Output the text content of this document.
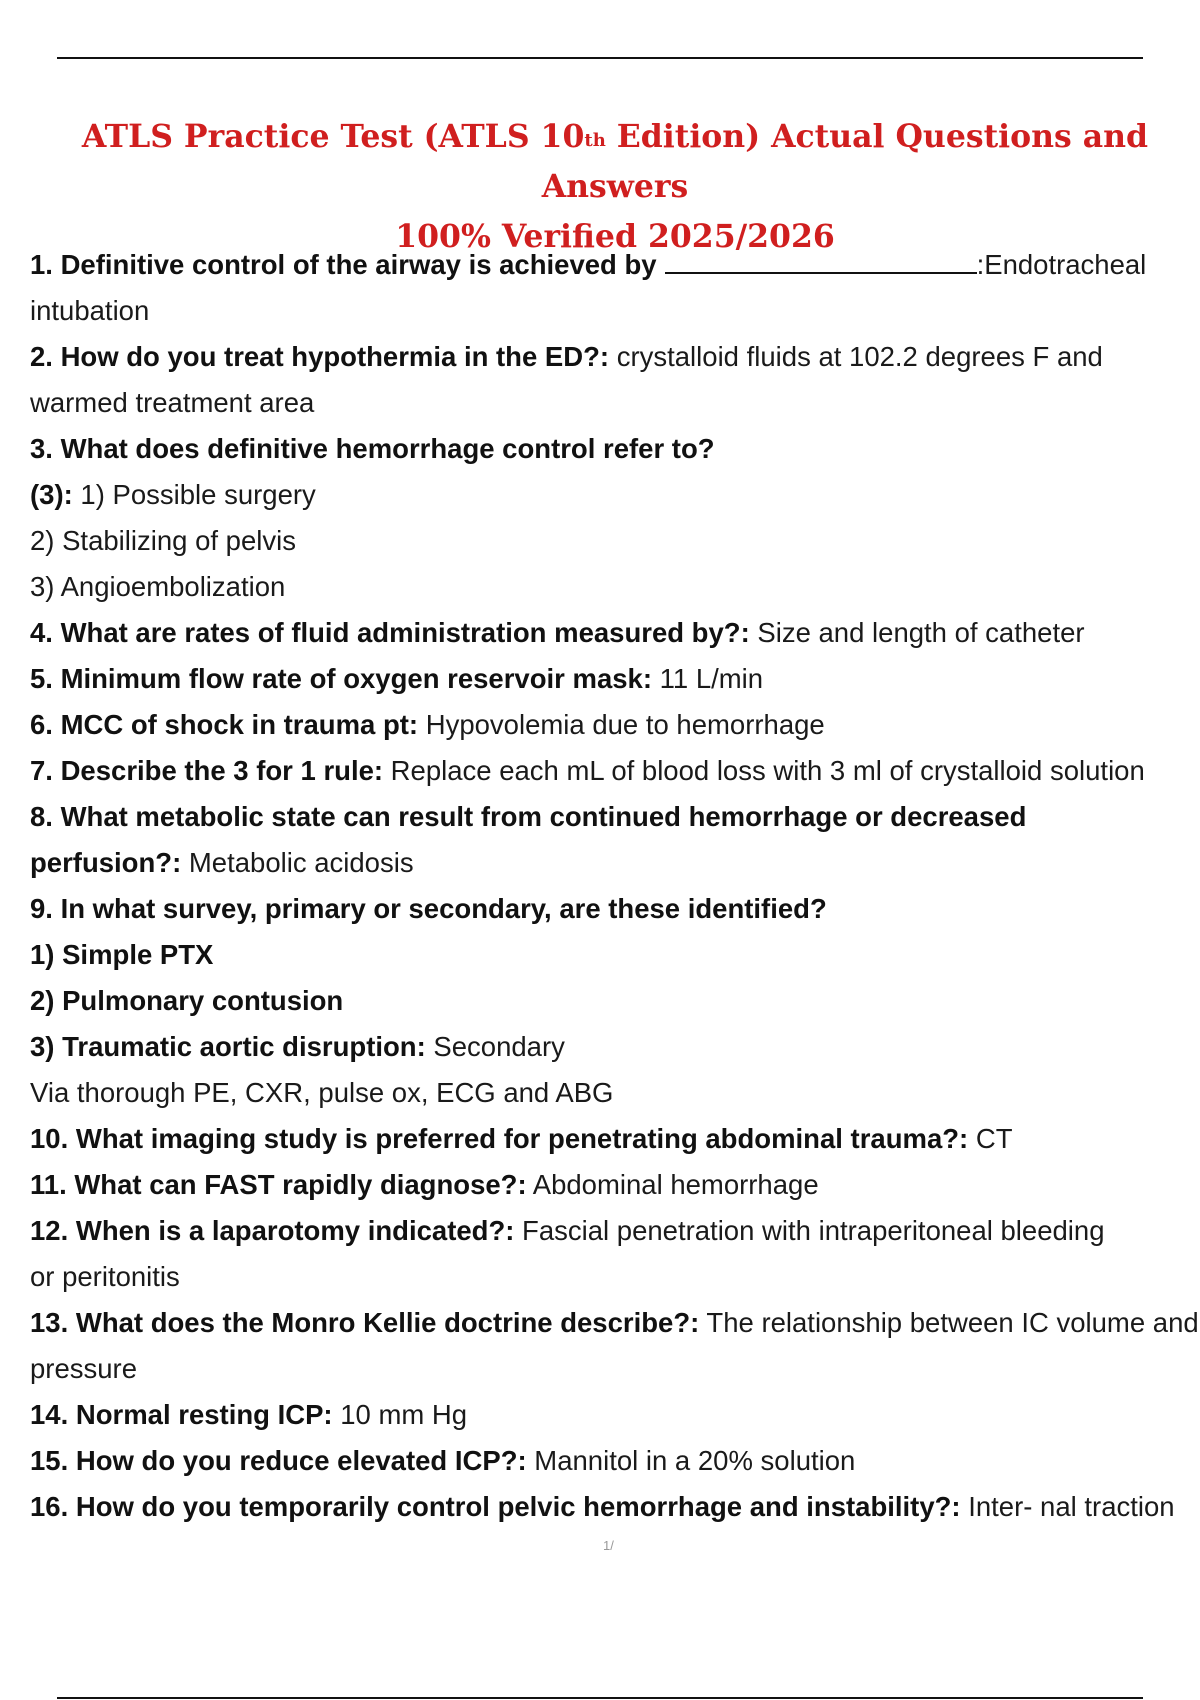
ATLS Practice Test (ATLS 10th Edition) Actual Questions and Answers
100% Verified 2025/2026
1. Definitive control of the airway is achieved by	:Endotracheal
intubation
2. How do you treat hypothermia in the ED?: crystalloid fluids at 102.2 degrees F and
warmed treatment area
3. What does definitive hemorrhage control refer to?
(3): 1) Possible surgery
2) Stabilizing of pelvis
3) Angioembolization
4. What are rates of fluid administration measured by?: Size and length of catheter
5. Minimum flow rate of oxygen reservoir mask: 11 L/min
6. MCC of shock in trauma pt: Hypovolemia due to hemorrhage
7. Describe the 3 for 1 rule: Replace each mL of blood loss with 3 ml of crystalloid solution
8. What metabolic state can result from continued hemorrhage or decreased
perfusion?: Metabolic acidosis
9. In what survey, primary or secondary, are these identified?
1) Simple PTX
2) Pulmonary contusion
3) Traumatic aortic disruption: Secondary
Via thorough PE, CXR, pulse ox, ECG and ABG
10. What imaging study is preferred for penetrating abdominal trauma?: CT
11. What can FAST rapidly diagnose?: Abdominal hemorrhage
12. When is a laparotomy indicated?: Fascial penetration with intraperitoneal bleeding
or peritonitis
13. What does the Monro Kellie doctrine describe?: The relationship between IC volume and
pressure
14. Normal resting ICP: 10 mm Hg
15. How do you reduce elevated ICP?: Mannitol in a 20% solution
16. How do you temporarily control pelvic hemorrhage and instability?: Inter- nal traction
1/
